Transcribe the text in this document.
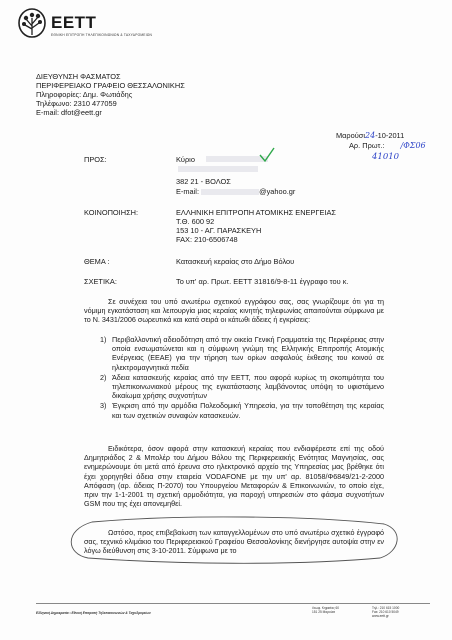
EETT
ΕΘΝΙΚΗ ΕΠΙΤΡΟΠΗ ΤΗΛΕΠΙΚΟΙΝΩΝΙΩΝ & ΤΑΧΥΔΡΟΜΕΙΩΝ
ΔΙΕΥΘΥΝΣΗ ΦΑΣΜΑΤΟΣ
ΠΕΡΙΦΕΡΕΙΑΚΟ ΓΡΑΦΕΙΟ ΘΕΣΣΑΛΟΝΙΚΗΣ
Πληροφορίες: Δημ. Φωτιάδης
Τηλέφωνο: 2310 477059
E-mail: dfot@eett.gr
Μαρούσι24-10-2011
Αρ. Πρωτ.: /ΦΣ06
41010
ΠΡΟΣ:	Κύριο
382 21 - ΒΟΛΟΣ
E-mail:	@yahoo.gr
ΚΟΙΝΟΠΟΙΗΣΗ:	ΕΛΛΗΝΙΚΗ ΕΠΙΤΡΟΠΗ ΑΤΟΜΙΚΗΣ ΕΝΕΡΓΕΙΑΣ
Τ.Θ. 600 92
153 10 - ΑΓ. ΠΑΡΑΣΚΕΥΗ
FAX: 210-6506748
ΘΕΜΑ :	Κατασκευή κεραίας στο Δήμο Βόλου
ΣΧΕΤΙΚΑ:	Το υπ' αρ. Πρωτ. ΕΕΤΤ 31816/9-8-11 έγγραφο του κ.
Σε συνέχεια του υπό ανωτέρω σχετικού εγγράφου σας, σας γνωρίζουμε ότι για τη νόμιμη εγκατάσταση και λειτουργία μιας κεραίας κινητής τηλεφωνίας απαιτούνται σύμφωνα με το Ν. 3431/2006 σωρευτικά και κατά σειρά οι κάτωθι άδειες ή εγκρίσεις:
1) Περιβαλλοντική αδειοδότηση από την οικεία Γενική Γραμματεία της Περιφέρειας στην οποία ενσωματώνεται και η σύμφωνη γνώμη της Ελληνικής Επιτροπής Ατομικής Ενέργειας (ΕΕΑΕ) για την τήρηση των ορίων ασφαλούς έκθεσης του κοινού σε ηλεκτρομαγνητικά πεδία
2) Άδεια κατασκευής κεραίας από την ΕΕΤΤ, που αφορά κυρίως τη σκοπιμότητα του τηλεπικοινωνιακού μέρους της εγκατάστασης λαμβάνοντας υπόψη το υφιστάμενο δικαίωμα χρήσης συχνοτήτων
3) Έγκριση από την αρμόδια Πολεοδομική Υπηρεσία, για την τοποθέτηση της κεραίας και των σχετικών συναφών κατασκευών.
Ειδικότερα, όσον αφορά στην κατασκευή κεραίας που ενδιαφέρεστε επί της οδού Δημητριάδος 2 & Μπολέρ του Δήμου Βόλου της Περιφερειακής Ενότητας Μαγνησίας, σας ενημερώνουμε ότι μετά από έρευνα στο ηλεκτρονικό αρχείο της Υπηρεσίας μας βρέθηκε ότι έχει χορηγηθεί άδεια στην εταιρεία VODAFONE με την υπ' αρ. 81058/Φ6849/21-2-2000 Απόφαση (αρ. άδειας Π-2070) του Υπουργείου Μεταφορών & Επικοινωνιών, το οποίο είχε, πριν την 1-1-2001 τη σχετική αρμοδιότητα, για παροχή υπηρεσιών στο φάσμα συχνοτήτων GSM που της έχει απονεμηθεί.
Ωστόσο, προς επιβεβαίωση των καταγγελλομένων στο υπό ανωτέρω σχετικό έγγραφό σας, τεχνικό κλιμάκιο του Περιφερειακού Γραφείου Θεσσαλονίκης διενήργησε αυτοψία στην εν λόγω διεύθυνση στις 3-10-2011. Σύμφωνα με το
Ελληνική Δημοκρατία • Εθνική Επιτροπή Τηλεπικοινωνιών & Ταχυδρομείων
Λεωφ. Κηφισίας 60
151 25 Μαρούσι
Τηλ.: 210 615 1000
Fax: 210 610 5049
www.eett.gr
